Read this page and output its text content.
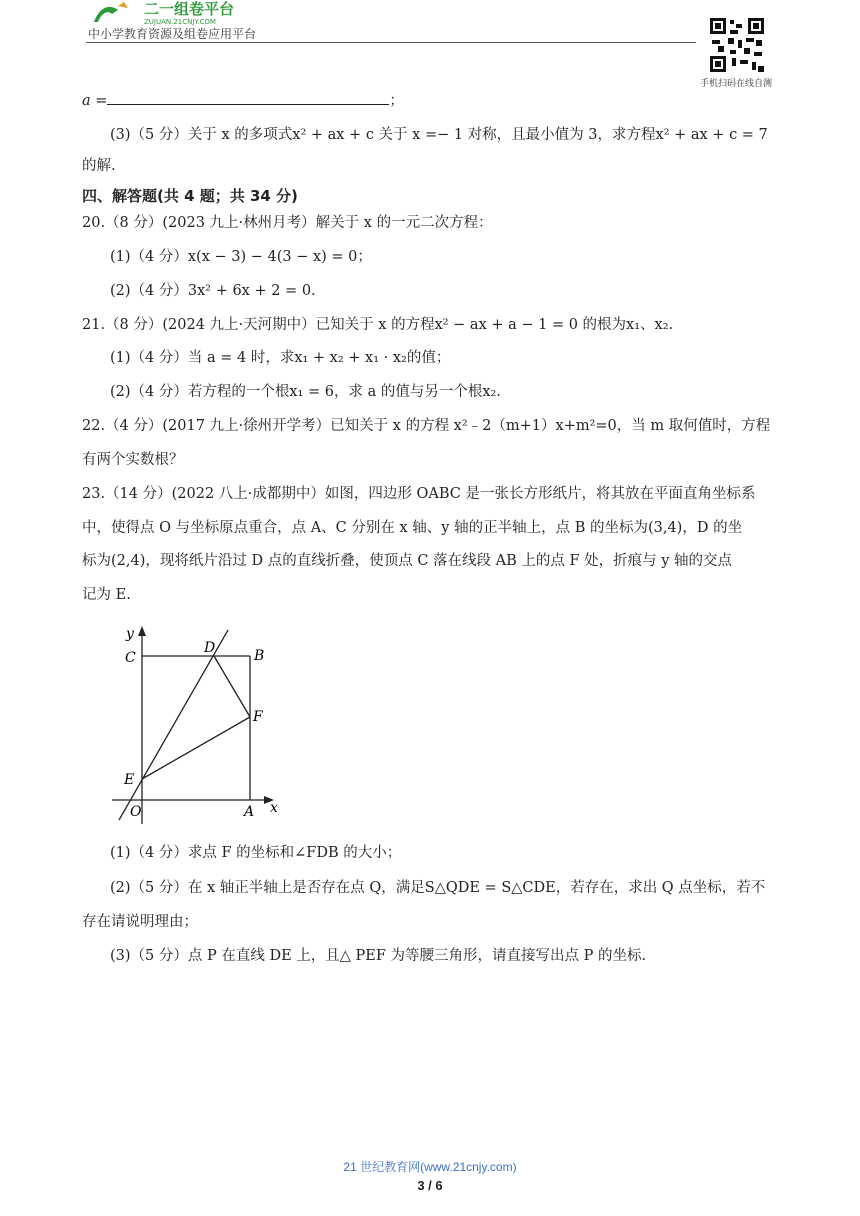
二一组卷平台
ZUJUAN.21CNJY.COM
中小学教育资源及组卷应用平台
手机扫码在线自测
a =	；
(3)（5 分）关于 x 的多项式x² + ax + c 关于 x =− 1 对称，且最小值为 3，求方程x² + ax + c = 7
的解.
四、解答题(共 4 题；共 34 分)
20.（8 分）(2023 九上·林州月考）解关于 x 的一元二次方程：
(1)（4 分）x(x − 3) − 4(3 − x) = 0；
(2)（4 分）3x² + 6x + 2 = 0.
21.（8 分）(2024 九上·天河期中）已知关于 x 的方程x² − ax + a − 1 = 0 的根为x₁、x₂.
(1)（4 分）当 a = 4 时，求x₁ + x₂ + x₁ · x₂的值；
(2)（4 分）若方程的一个根x₁ = 6，求 a 的值与另一个根x₂.
22.（4 分）(2017 九上·徐州开学考）已知关于 x 的方程 x²﹣2（m+1）x+m²=0，当 m 取何值时，方程
有两个实数根？
23.（14 分）(2022 八上·成都期中）如图，四边形 OABC 是一张长方形纸片，将其放在平面直角坐标系
中，使得点 O 与坐标原点重合，点 A、C 分别在 x 轴、y 轴的正半轴上，点 B 的坐标为(3,4)，D 的坐
标为(2,4)，现将纸片沿过 D 点的直线折叠，使顶点 C 落在线段 AB 上的点 F 处，折痕与 y 轴的交点
记为 E.
y
x
C
D	B
F
E
O	A
(1)（4 分）求点 F 的坐标和∠FDB 的大小；
(2)（5 分）在 x 轴正半轴上是否存在点 Q，满足S△QDE = S△CDE，若存在，求出 Q 点坐标，若不
存在请说明理由；
(3)（5 分）点 P 在直线 DE 上，且△ PEF 为等腰三角形，请直接写出点 P 的坐标.
21 世纪教育网(www.21cnjy.com)
3 / 6
